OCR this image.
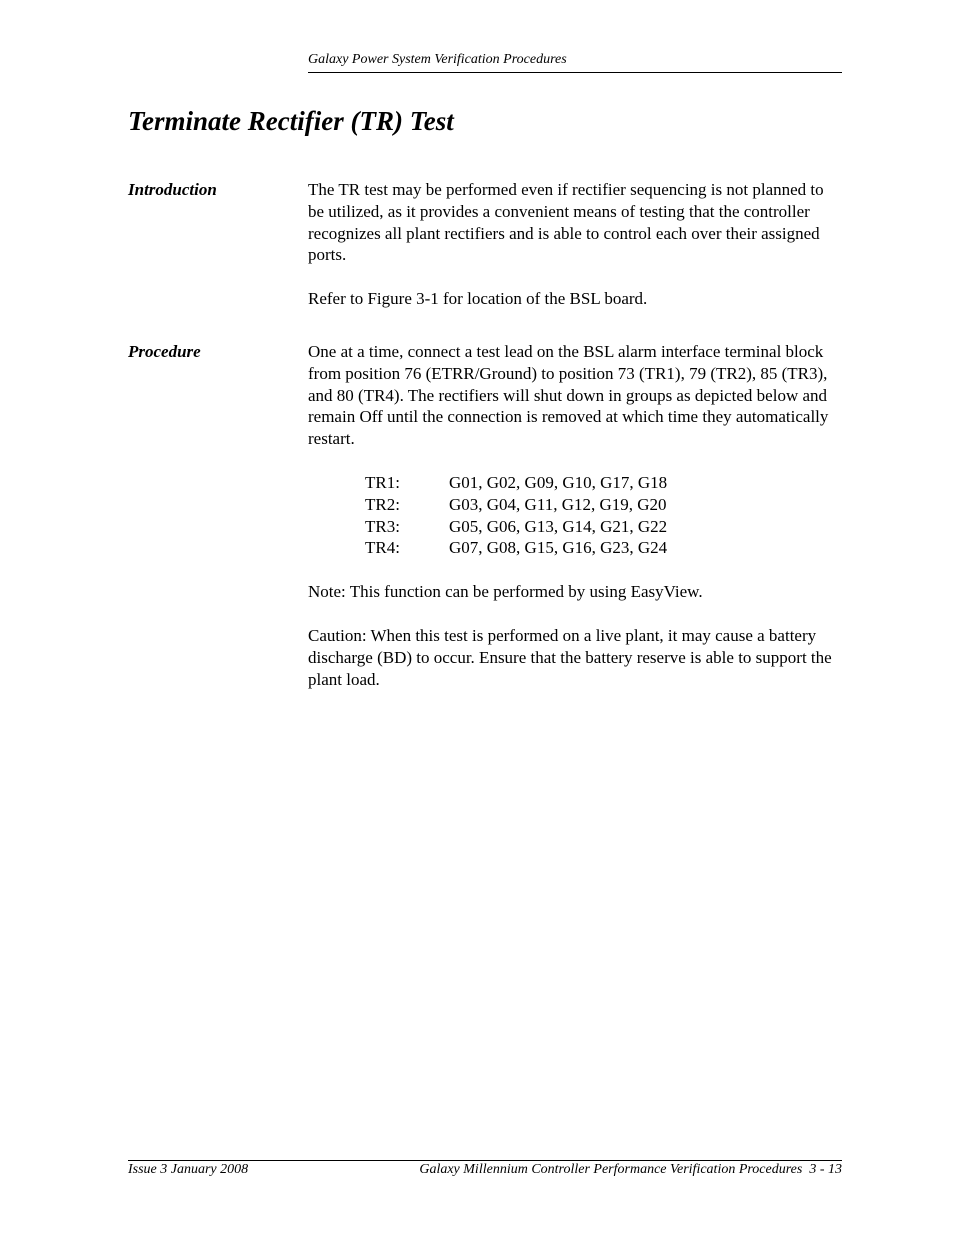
Galaxy Power System Verification Procedures
Terminate Rectifier (TR) Test
Introduction	The TR test may be performed even if rectifier sequencing is not planned to be utilized, as it provides a convenient means of testing that the controller recognizes all plant rectifiers and is able to control each over their assigned ports.

Refer to Figure 3-1 for location of the BSL board.

Procedure	One at a time, connect a test lead on the BSL alarm interface terminal block from position 76 (ETRR/Ground) to position 73 (TR1), 79 (TR2), 85 (TR3), and 80 (TR4). The rectifiers will shut down in groups as depicted below and remain Off until the connection is removed at which time they automatically restart.

TR1:	G01, G02, G09, G10, G17, G18
TR2:	G03, G04, G11, G12, G19, G20
TR3:	G05, G06, G13, G14, G21, G22
TR4:	G07, G08, G15, G16, G23, G24

Note: This function can be performed by using EasyView.

Caution: When this test is performed on a live plant, it may cause a battery discharge (BD) to occur. Ensure that the battery reserve is able to support the plant load.

Issue 3 January 2008	Galaxy Millennium Controller Performance Verification Procedures 3 - 13
